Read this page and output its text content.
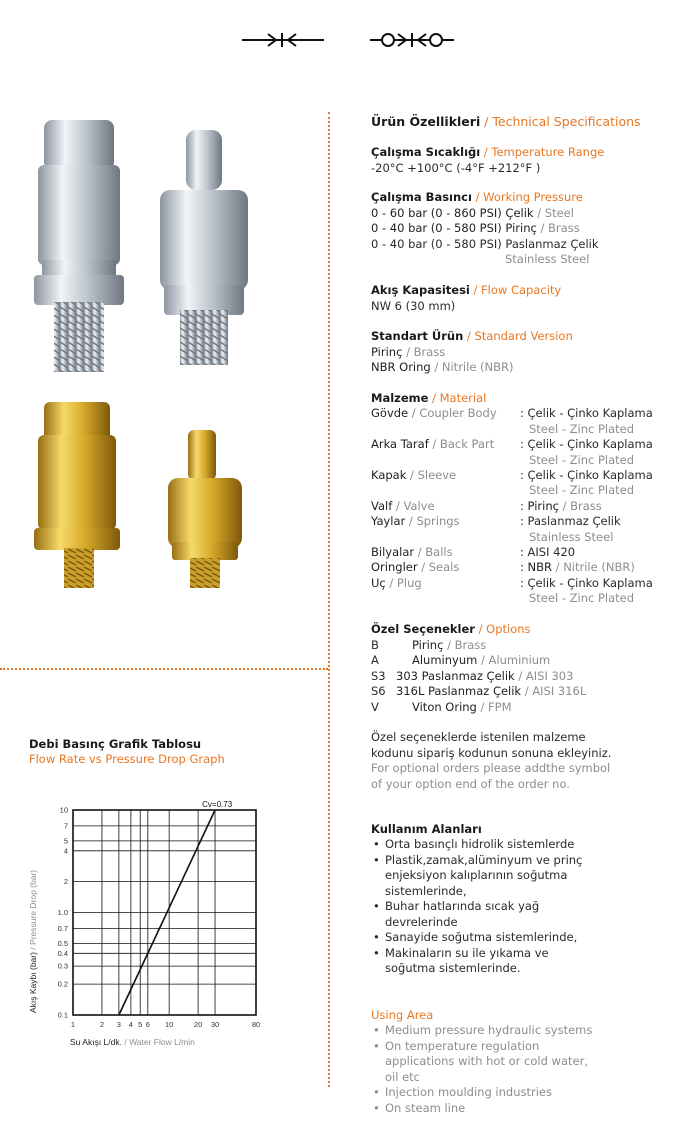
Ürün Özellikleri / Technical Specifications
Çalışma Sıcaklığı / Temperature Range
-20°C +100°C (-4°F +212°F )
Çalışma Basıncı / Working Pressure
0 - 60 bar (0 - 860 PSI) Çelik / Steel
0 - 40 bar (0 - 580 PSI) Pirinç / Brass
0 - 40 bar (0 - 580 PSI) Paslanmaz Çelik
Stainless Steel
Akış Kapasitesi / Flow Capacity
NW 6 (30 mm)
Standart Ürün / Standard Version
Pirinç / Brass
NBR Oring / Nitrile (NBR)
Malzeme / Material
Gövde / Coupler Body : Çelik - Çinko Kaplama
Steel - Zinc Plated
Arka Taraf / Back Part : Çelik - Çinko Kaplama
Steel - Zinc Plated
Kapak / Sleeve	: Çelik - Çinko Kaplama
Steel - Zinc Plated
Valf / Valve	: Pirinç / Brass
Yaylar / Springs	: Paslanmaz Çelik
Stainless Steel
Bilyalar / Balls	: AISI 420
Oringler / Seals	: NBR / Nitrile (NBR)
Uç / Plug	: Çelik - Çinko Kaplama
Steel - Zinc Plated
Özel Seçenekler / Options
B	Pirinç / Brass
A	Aluminyum / Aluminium
S3 303 Paslanmaz Çelik / AISI 303
S6 316L Paslanmaz Çelik / AISI 316L
V	Viton Oring / FPM
Özel seçeneklerde istenilen malzeme
kodunu sipariş kodunun sonuna ekleyiniz.
For optional orders please addthe symbol
of your option end of the order no.
Kullanım Alanları
• Orta basınçlı hidrolik sistemlerde
• Plastik,zamak,alüminyum ve prinç
enjeksiyon kalıplarının soğutma
sistemlerinde,
• Buhar hatlarında sıcak yağ
devrelerinde
• Sanayide soğutma sistemlerinde,
• Makinaların su ile yıkama ve
soğutma sistemlerinde.
Using Area
• Medium pressure hydraulic systems
• On temperature regulation
applications with hot or cold water,
oil etc
• Injection moulding industries
• On steam line
Debi Basınç Grafik Tablosu
Flow Rate vs Pressure Drop Graph
1	2 3 4 5 6 10	20 30	80
0.1
0.2
0.3
0.4
0.5
0.7
1.0
2
4
5
7
10
Cv=0.73
Su Akışı L/dk. / Water Flow L/min
Akış Kaybı (bar) / Pressure Drop (bar)
